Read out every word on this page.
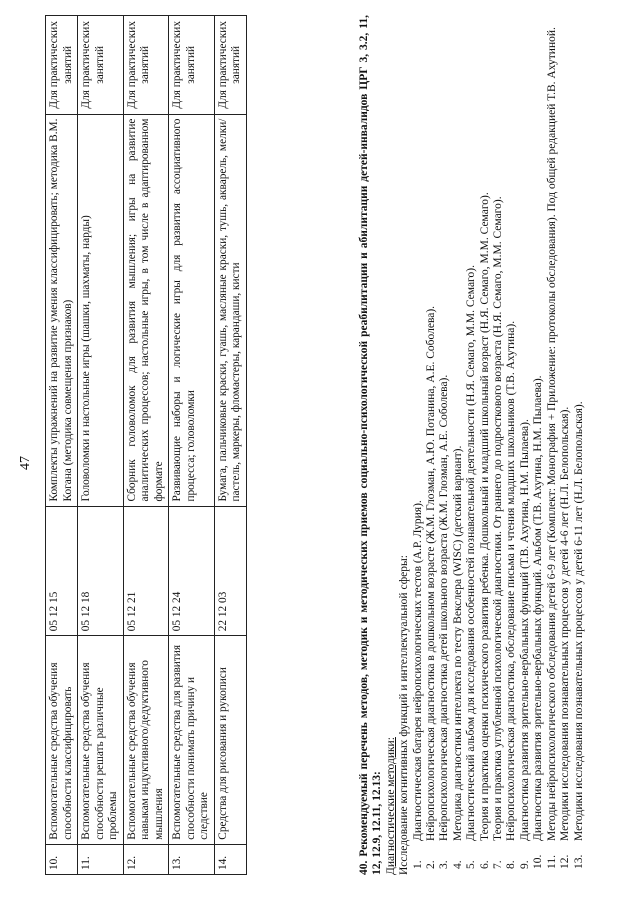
47
10.	Вспомогательные средства обучения способности классифицировать	05 12 15	Комплекты упражнений на развитие умения классифицировать; методика В.М. Когана (методика совмещения признаков)	Для практических занятий
11.	Вспомогательные средства обучения способности решать различные проблемы	05 12 18	Головоломки и настольные игры (шашки, шахматы, нарды)	Для практических занятий
12.	Вспомогательные средства обучения навыкам индуктивного/дедуктивного мышления	05 12 21	Сборник головоломок для развития мышления; игры на развитие аналитических процессов; настольные игры, в том числе в адаптированном формате	Для практических занятий
13.	Вспомогательные средства для развития способности понимать причину и следствие	05 12 24	Развивающие наборы и логические игры для развития ассоциативного процесса; головоломки	Для практических занятий
14.	Средства для рисования и рукописи	22 12 03	Бумага, пальчиковые краски, гуашь, масляные краски, тушь, акварель, мелки/пастель, маркеры, фломастеры, карандаши, кисти	Для практических занятий	40. Рекомендуемый перечень методов, методик и методических приемов социально-психологической реабилитации и абилитации детей-инвалидов ЦРГ 3, 3.2, 11, 12, 12.9, 12.11, 12.13: Диагностические методики: Исследование когнитивных функций и интеллектуальной сферы: 1.
Диагностическая батарея нейропсихологических тестов (А.Р. Лурия).
2.
Нейропсихологическая диагностика в дошкольном возрасте (Ж.М. Глозман, А.Ю. Потанина, А.Е. Соболева).
3.
Нейропсихологическая диагностика детей школьного возраста (Ж.М. Глозман, А.Е. Соболева).
4.
Методика диагностики интеллекта по тесту Векслера (WISC) (детский вариант).
5.
Диагностический альбом для исследования особенностей познавательной деятельности (Н.Я. Семаго, М.М. Семаго).
6.
Теория и практика оценки психического развития ребенка. Дошкольный и младший школьный возраст (Н.Я. Семаго, М.М. Семаго).
7.
Теория и практика углубленной психологической диагностики. От раннего до подросткового возраста (Н.Я. Семаго, М.М. Семаго).
8.
Нейропсихологическая диагностика, обследование письма и чтения младших школьников (Т.В. Ахутина).
9.
Диагностика развития зрительно-вербальных функций (Т.В. Ахутина, Н.М. Пылаева).
10.
Диагностика развития зрительно-вербальных функций. Альбом (Т.В. Ахутина, Н.М. Пылаева).
11.
Методы нейропсихологического обследования детей 6-9 лет (Комплект: Монография + Приложение: протоколы обследования). Под общей редакцией Т.В. Ахутиной.
12.
Методики исследования познавательных процессов у детей 4-6 лет (Н.Л. Белопольская).
13.
Методики исследования познавательных процессов у детей 6-11 лет (Н.Л. Белопольская).
